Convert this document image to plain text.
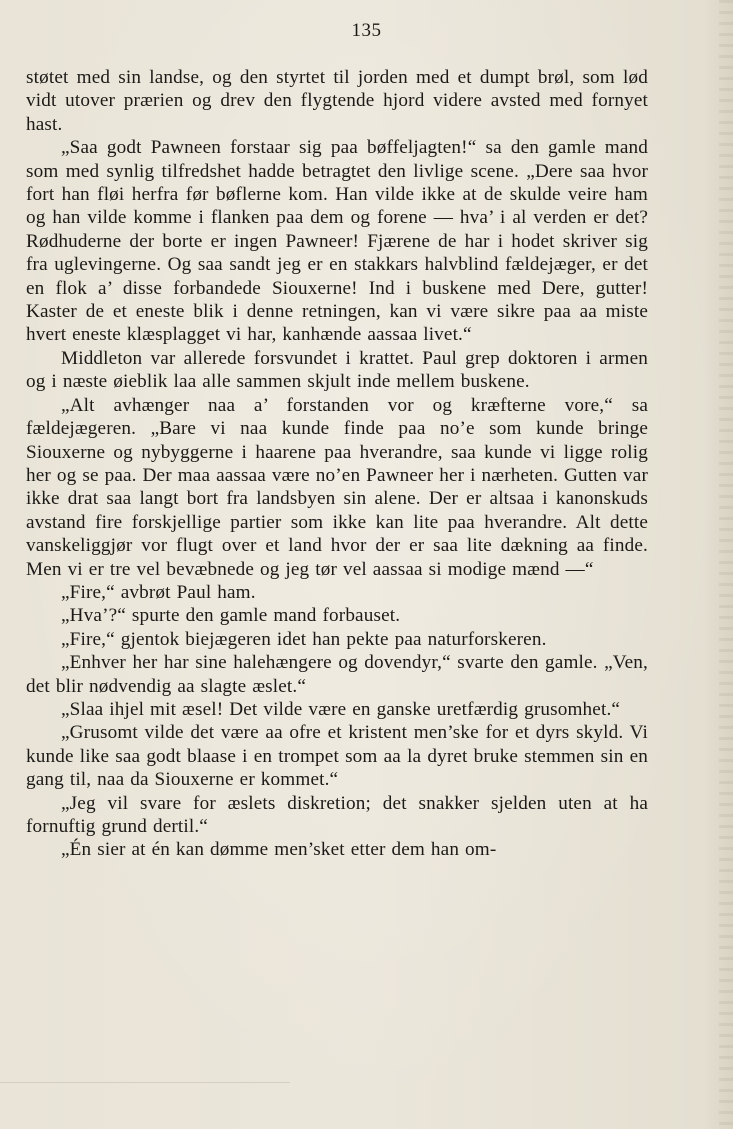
135

støtet med sin landse, og den styrtet til jorden med et dumpt brøl, som lød vidt utover prærien og drev den flygtende hjord videre avsted med fornyet hast.

„Saa godt Pawneen forstaar sig paa bøffeljagten!“ sa den gamle mand som med synlig tilfredshet hadde betragtet den livlige scene. „Dere saa hvor fort han fløi herfra før bøflerne kom. Han vilde ikke at de skulde veire ham og han vilde komme i flanken paa dem og forene — hva’ i al verden er det? Rødhuderne der borte er ingen Pawneer! Fjærene de har i hodet skriver sig fra uglevingerne. Og saa sandt jeg er en stakkars halvblind fældejæger, er det en flok a’ disse forbandede Siouxerne! Ind i buskene med Dere, gutter! Kaster de et eneste blik i denne retningen, kan vi være sikre paa aa miste hvert eneste klæsplagget vi har, kanhænde aassaa livet.“

Middleton var allerede forsvundet i krattet. Paul grep doktoren i armen og i næste øieblik laa alle sammen skjult inde mellem buskene.

„Alt avhænger naa a’ forstanden vor og kræfterne vore,“ sa fældejægeren. „Bare vi naa kunde finde paa no’e som kunde bringe Siouxerne og nybyggerne i haarene paa hverandre, saa kunde vi ligge rolig her og se paa. Der maa aassaa være no’en Pawneer her i nærheten. Gutten var ikke drat saa langt bort fra landsbyen sin alene. Der er altsaa i kanonskuds avstand fire forskjellige partier som ikke kan lite paa hverandre. Alt dette vanskeliggjør vor flugt over et land hvor der er saa lite dækning aa finde. Men vi er tre vel bevæbnede og jeg tør vel aassaa si modige mænd —“

„Fire,“ avbrøt Paul ham.

„Hva’?“ spurte den gamle mand forbauset.

„Fire,“ gjentok biejægeren idet han pekte paa naturforskeren.

„Enhver her har sine halehængere og dovendyr,“ svarte den gamle. „Ven, det blir nødvendig aa slagte æslet.“

„Slaa ihjel mit æsel! Det vilde være en ganske uretfærdig grusomhet.“

„Grusomt vilde det være aa ofre et kristent men’ske for et dyrs skyld. Vi kunde like saa godt blaase i en trompet som aa la dyret bruke stemmen sin en gang til, naa da Siouxerne er kommet.“

„Jeg vil svare for æslets diskretion; det snakker sjelden uten at ha fornuftig grund dertil.“

„Én sier at én kan dømme men’sket etter dem han om-
